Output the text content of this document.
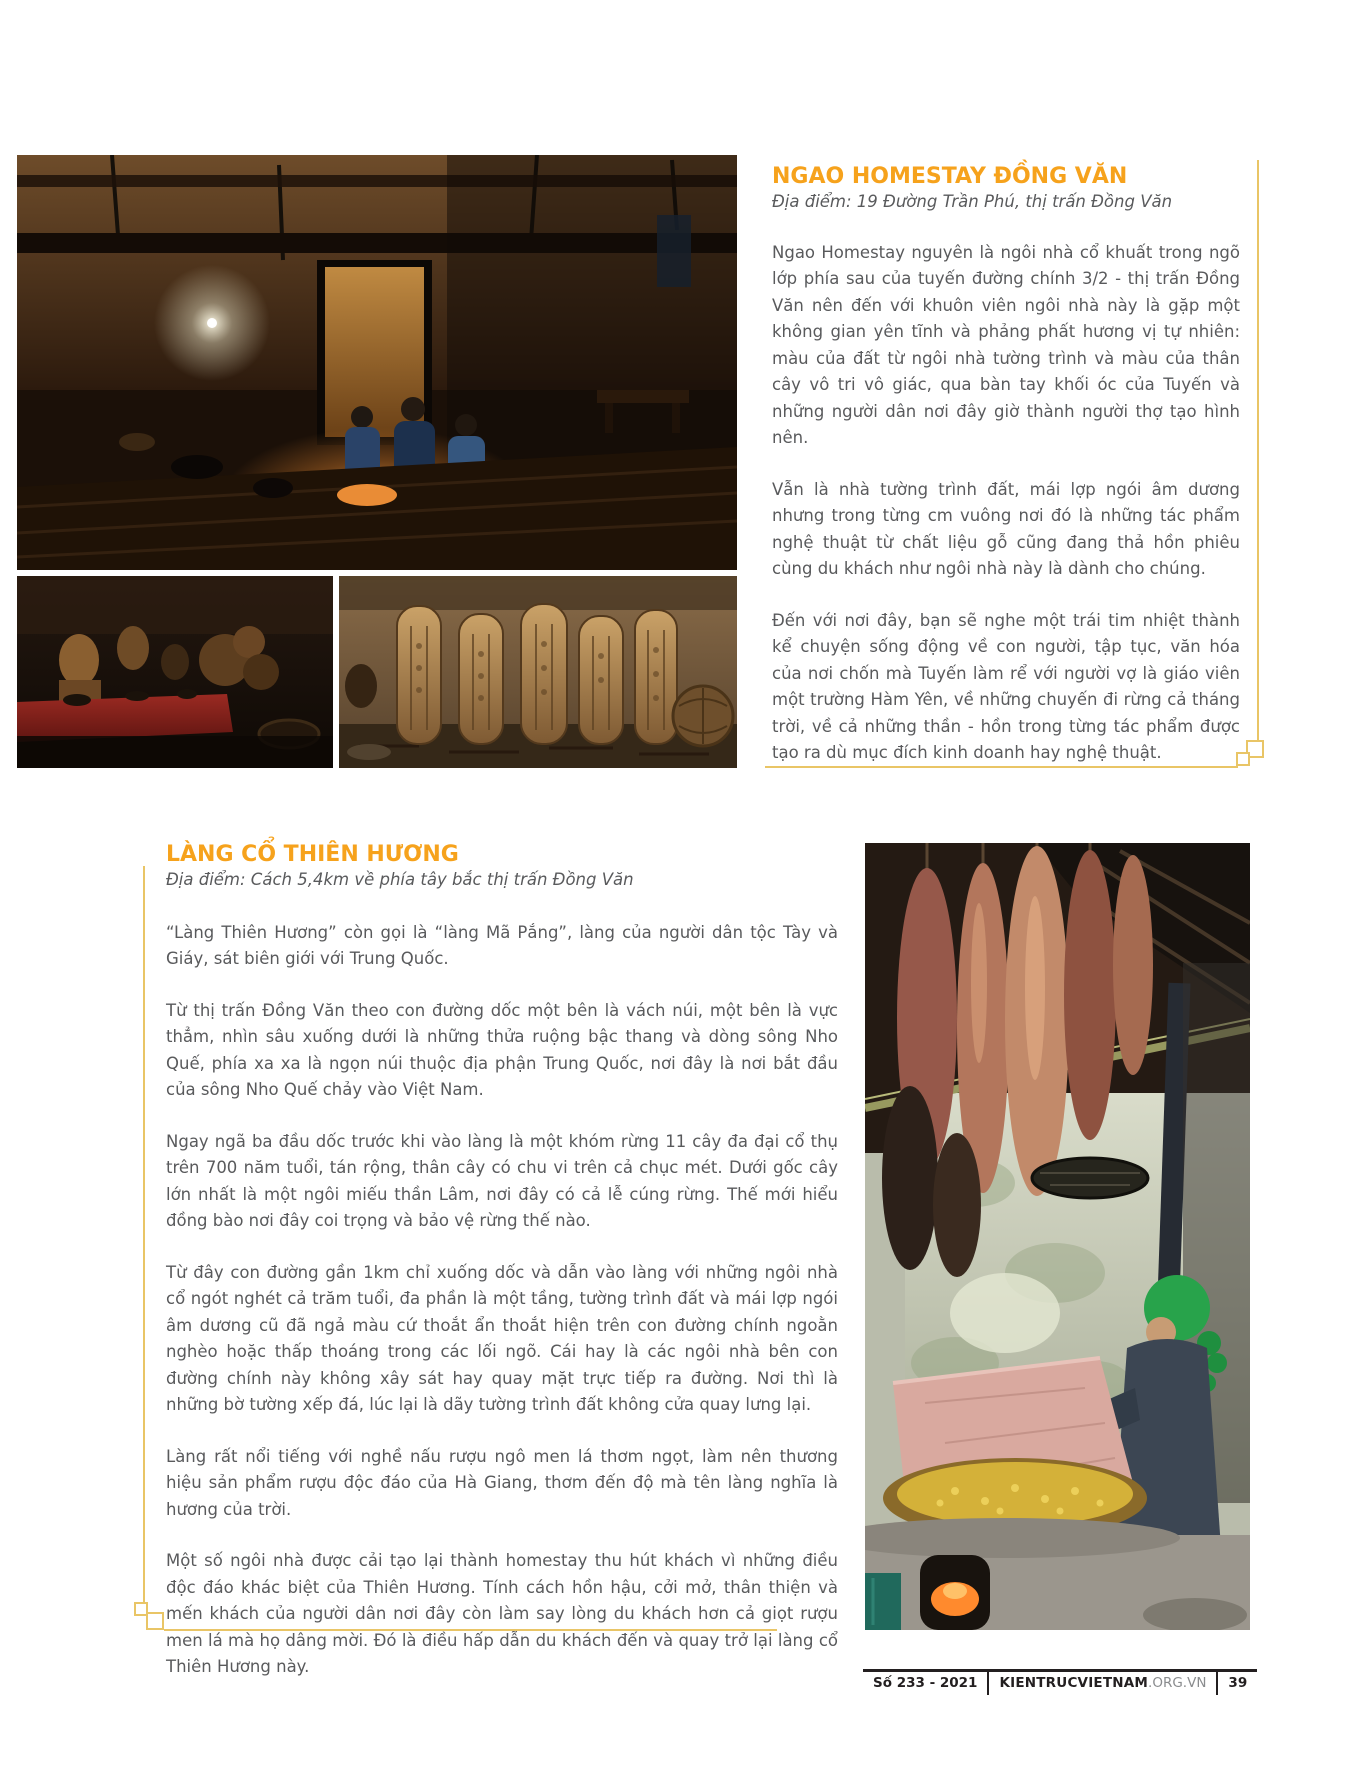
NGAO HOMESTAY ĐỒNG VĂN

Địa điểm: 19 Đường Trần Phú, thị trấn Đồng Văn

Ngao Homestay nguyên là ngôi nhà cổ khuất trong ngõ lớp phía sau của tuyến đường chính 3/2 - thị trấn Đồng Văn nên đến với khuôn viên ngôi nhà này là gặp một không gian yên tĩnh và phảng phất hương vị tự nhiên: màu của đất từ ngôi nhà tường trình và màu của thân cây vô tri vô giác, qua bàn tay khối óc của Tuyến và những người dân nơi đây giờ thành người thợ tạo hình nên.

Vẫn là nhà tường trình đất, mái lợp ngói âm dương nhưng trong từng cm vuông nơi đó là những tác phẩm nghệ thuật từ chất liệu gỗ cũng đang thả hồn phiêu cùng du khách như ngôi nhà này là dành cho chúng.

Đến với nơi đây, bạn sẽ nghe một trái tim nhiệt thành kể chuyện sống động về con người, tập tục, văn hóa của nơi chốn mà Tuyến làm rể với người vợ là giáo viên một trường Hàm Yên, về những chuyến đi rừng cả tháng trời, về cả những thần - hồn trong từng tác phẩm được tạo ra dù mục đích kinh doanh hay nghệ thuật.

LÀNG CỔ THIÊN HƯƠNG

Địa điểm: Cách 5,4km về phía tây bắc thị trấn Đồng Văn

“Làng Thiên Hương” còn gọi là “làng Mã Pắng”, làng của người dân tộc Tày và Giáy, sát biên giới với Trung Quốc.

Từ thị trấn Đồng Văn theo con đường dốc một bên là vách núi, một bên là vực thẳm, nhìn sâu xuống dưới là những thửa ruộng bậc thang và dòng sông Nho Quế, phía xa xa là ngọn núi thuộc địa phận Trung Quốc, nơi đây là nơi bắt đầu của sông Nho Quế chảy vào Việt Nam.

Ngay ngã ba đầu dốc trước khi vào làng là một khóm rừng 11 cây đa đại cổ thụ trên 700 năm tuổi, tán rộng, thân cây có chu vi trên cả chục mét. Dưới gốc cây lớn nhất là một ngôi miếu thần Lâm, nơi đây có cả lễ cúng rừng. Thế mới hiểu đồng bào nơi đây coi trọng và bảo vệ rừng thế nào.

Từ đây con đường gần 1km chỉ xuống dốc và dẫn vào làng với những ngôi nhà cổ ngót nghét cả trăm tuổi, đa phần là một tầng, tường trình đất và mái lợp ngói âm dương cũ đã ngả màu cứ thoắt ẩn thoắt hiện trên con đường chính ngoằn nghèo hoặc thấp thoáng trong các lối ngõ. Cái hay là các ngôi nhà bên con đường chính này không xây sát hay quay mặt trực tiếp ra đường. Nơi thì là những bờ tường xếp đá, lúc lại là dãy tường trình đất không cửa quay lưng lại.

Làng rất nổi tiếng với nghề nấu rượu ngô men lá thơm ngọt, làm nên thương hiệu sản phẩm rượu độc đáo của Hà Giang, thơm đến độ mà tên làng nghĩa là hương của trời.

Một số ngôi nhà được cải tạo lại thành homestay thu hút khách vì những điều độc đáo khác biệt của Thiên Hương. Tính cách hồn hậu, cởi mở, thân thiện và mến khách của người dân nơi đây còn làm say lòng du khách hơn cả giọt rượu men lá mà họ dâng mời. Đó là điều hấp dẫn du khách đến và quay trở lại làng cổ Thiên Hương này.

Số 233 - 2021	KIENTRUCVIETNAM .ORG.VN	39
